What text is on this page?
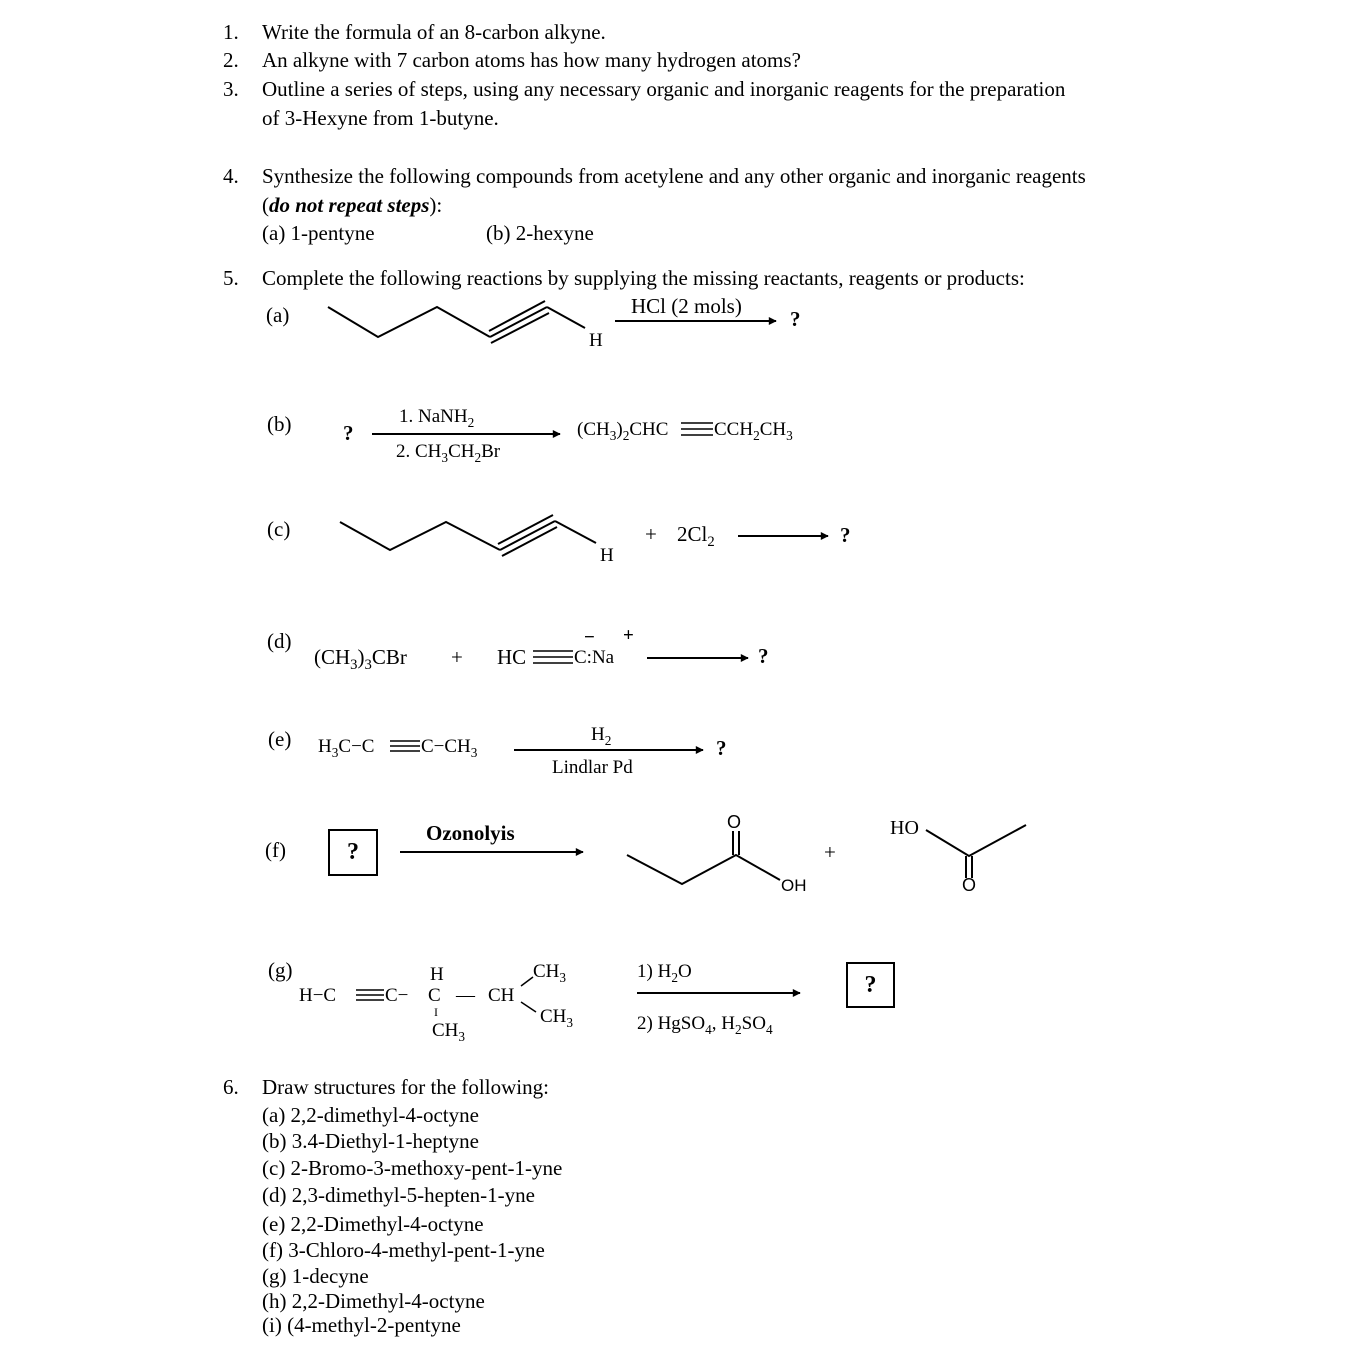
1. Write the formula of an 8-carbon alkyne.
2. An alkyne with 7 carbon atoms has how many hydrogen atoms?
3. Outline a series of steps, using any necessary organic and inorganic reagents for the preparation
of 3-Hexyne from 1-butyne.
4. Synthesize the following compounds from acetylene and any other organic and inorganic reagents
(do not repeat steps):
(a) 1-pentyne	(b) 2-hexyne
5. Complete the following reactions by supplying the missing reactants, reagents or products:
(a)
H
HCl (2 mols)
?
(b) ?
1. NaNH$_2$
2. $CH_3CH_2Br$
$(CH_3)_2CHC$ $CCH_2CH_3$
(c)
H
+ $2Cl_2$	?
(d)
$(CH_3)_3CBr$ + HC	C:Na
− +
?
(e) $H_3C-C$ $C-CH_3$
$H_2$
Lindlar Pd
?
(f)	?
Ozonolyis	O
OH
+
HO
O
(g)
H−C	C−
H
C
I
— CH
$CH_3$
$CH_3$
$CH_3$
1) $H_2O$
2) HgSO$_4$, $H_2SO_4$
?
6. Draw structures for the following:
(a) 2,2-dimethyl-4-octyne
(b) 3.4-Diethyl-1-heptyne
(c) 2-Bromo-3-methoxy-pent-1-yne
(d) 2,3-dimethyl-5-hepten-1-yne
(e) 2,2-Dimethyl-4-octyne
(f) 3-Chloro-4-methyl-pent-1-yne
(g) 1-decyne
(h) 2,2-Dimethyl-4-octyne
(i) (4-methyl-2-pentyne
